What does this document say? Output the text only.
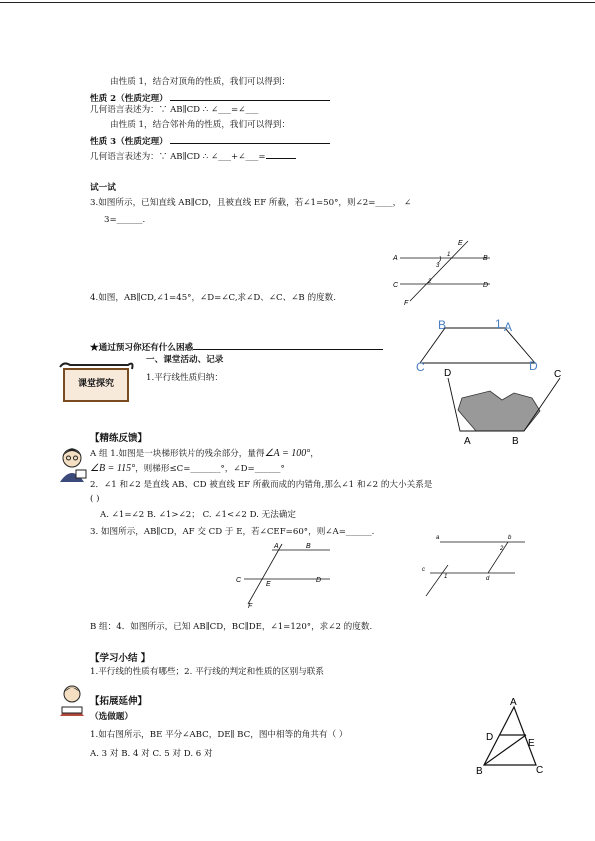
由性质 1，结合对顶角的性质，我们可以得到：
性质 2（性质定理）
几何语言表述为：∵ AB∥CD ∴ ∠___=∠___
由性质 1，结合邻补角的性质，我们可以得到：
性质 3（性质定理）
几何语言表述为：∵ AB∥CD ∴ ∠___+∠___=
试一试
3.如图所示，已知直线 AB∥CD，且被直线 EF 所截，若∠1=50°，则∠2=____， ∠
3=______.
E
A	B
3
C	2	D
F
1
4.如图，AB∥CD,∠1=45°，∠D=∠C,求∠D、∠C、∠B 的度数.
B	1 A
C	D
★通过预习你还有什么困惑
课堂探究
一、课堂活动、记录
1.平行线性质归纳：	D	C
A	B
【精练反馈】
A 组 1.如图是一块梯形铁片的残余部分，量得∠A = 100°，
∠B = 115°，则梯形≤C=_______°，∠D=______°
2．∠1 和∠2 是直线 AB、CD 被直线 EF 所截而成的内错角,那么∠1 和∠2 的大小关系是
( )
A. ∠1=∠2 B. ∠1>∠2； C. ∠1<∠2 D. 无法确定
3. 如图所示，AB∥CD，AF 交 CD 于 E，若∠CEF=60°，则∠A=______.
A	B
C
E
D
F
a	b
c
2
1	d
B 组：4．如图所示，已知 AB∥CD，BC∥DE，∠1=120°，求∠2 的度数.
【学习小结 】
1.平行线的性质有哪些；2. 平行线的判定和性质的区别与联系
【拓展延伸】
（选做题）
1.如右图所示，BE 平分∠ABC，DE∥ BC，图中相等的角共有（ ）
A. 3 对 B. 4 对 C. 5 对 D. 6 对
A
D
E
B	C
